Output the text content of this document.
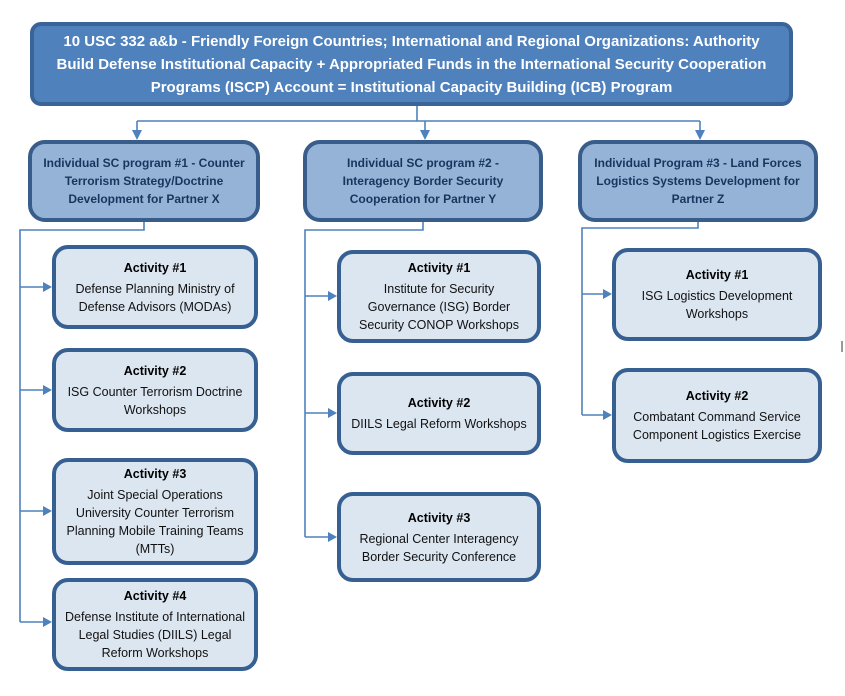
10 USC 332 a&b - Friendly Foreign Countries; International and Regional Organizations: Authority Build Defense Institutional Capacity + Appropriated Funds in the International Security Cooperation Programs (ISCP) Account = Institutional Capacity Building (ICB) Program
Individual SC program #1 - Counter Terrorism Strategy/Doctrine Development for Partner X
Individual SC program #2 - Interagency Border Security Cooperation for Partner Y
Individual Program #3 - Land Forces Logistics Systems Development for Partner Z
Activity #1
Defense Planning Ministry of Defense Advisors (MODAs)
Activity #2
ISG Counter Terrorism Doctrine Workshops
Activity #3
Joint Special Operations University Counter Terrorism Planning Mobile Training Teams (MTTs)
Activity #4
Defense Institute of International Legal Studies (DIILS) Legal Reform Workshops
Activity #1
Institute for Security Governance (ISG) Border Security CONOP Workshops
Activity #2
DIILS Legal Reform Workshops
Activity #3
Regional Center Interagency Border Security Conference
Activity #1
ISG Logistics Development Workshops
Activity #2
Combatant Command Service Component Logistics Exercise
